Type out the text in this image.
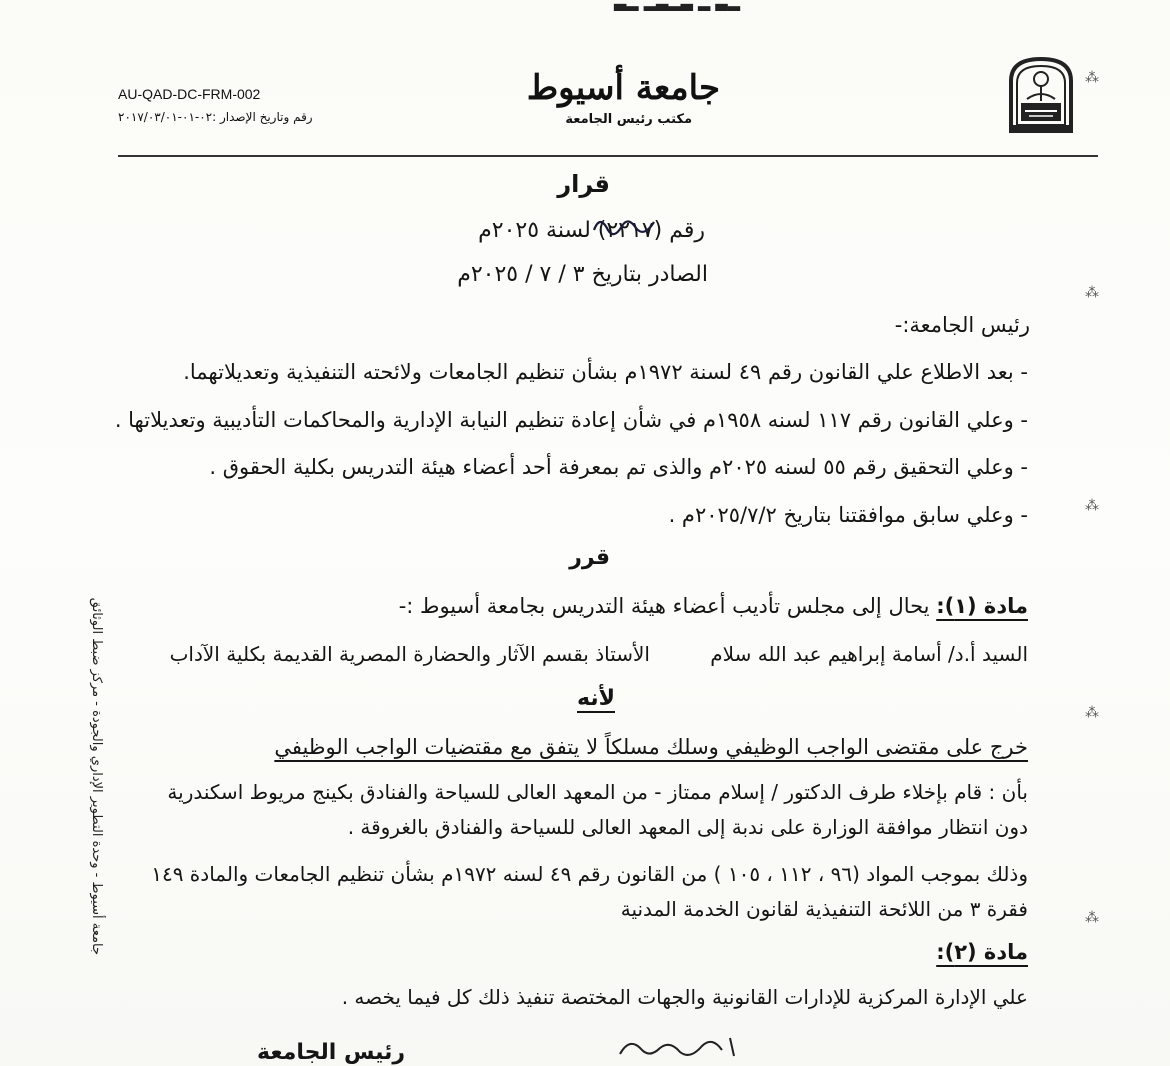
▂▃ ▂ ▃▂▃▂ ▂▃
جامعة أسيوط
مكتب رئيس الجامعة
AU-QAD-DC-FRM-002
رقم وتاريخ الإصدار :٠٢-٠١-٢٠١٧/٠٣/٠١
⁂
⁂
⁂
⁂
⁂
قرار
رقم (٢٢١٧) لسنة ٢٠٢٥م
الصادر بتاريخ ٣ / ٧ / ٢٠٢٥م
رئيس الجامعة:-
- بعد الاطلاع علي القانون رقم ٤٩ لسنة ١٩٧٢م بشأن تنظيم الجامعات ولائحته التنفيذية وتعديلاتهما.
- وعلي القانون رقم ١١٧ لسنه ١٩٥٨م في شأن إعادة تنظيم النيابة الإدارية والمحاكمات التأديبية وتعديلاتها .
- وعلي التحقيق رقم ٥٥ لسنه ٢٠٢٥م والذى تم بمعرفة أحد أعضاء هيئة التدريس بكلية الحقوق .
- وعلي سابق موافقتنا بتاريخ ٢٠٢٥/٧/٢م .
قرر
مادة (١): يحال إلى مجلس تأديب أعضاء هيئة التدريس بجامعة أسيوط :-
السيد أ.د/ أسامة إبراهيم عبد الله سلام
الأستاذ بقسم الآثار والحضارة المصرية القديمة بكلية الآداب
لأنه
خرج على مقتضى الواجب الوظيفي وسلك مسلكاً لا يتفق مع مقتضيات الواجب الوظيفي
بأن : قام بإخلاء طرف الدكتور / إسلام ممتاز - من المعهد العالى للسياحة والفنادق بكينج مريوط اسكندرية
دون انتظار موافقة الوزارة على ندبة إلى المعهد العالى للسياحة والفنادق بالغروقة .
وذلك بموجب المواد (٩٦ ، ١١٢ ، ١٠٥ ) من القانون رقم ٤٩ لسنه ١٩٧٢م بشأن تنظيم الجامعات والمادة ١٤٩
فقرة ٣ من اللائحة التنفيذية لقانون الخدمة المدنية
مادة (٢):
علي الإدارة المركزية للإدارات القانونية والجهات المختصة تنفيذ ذلك كل فيما يخصه .
رئيس الجامعة
جامعة أسيوط - وحدة التطوير الإداري والجودة - مركز ضبط الوثائق
